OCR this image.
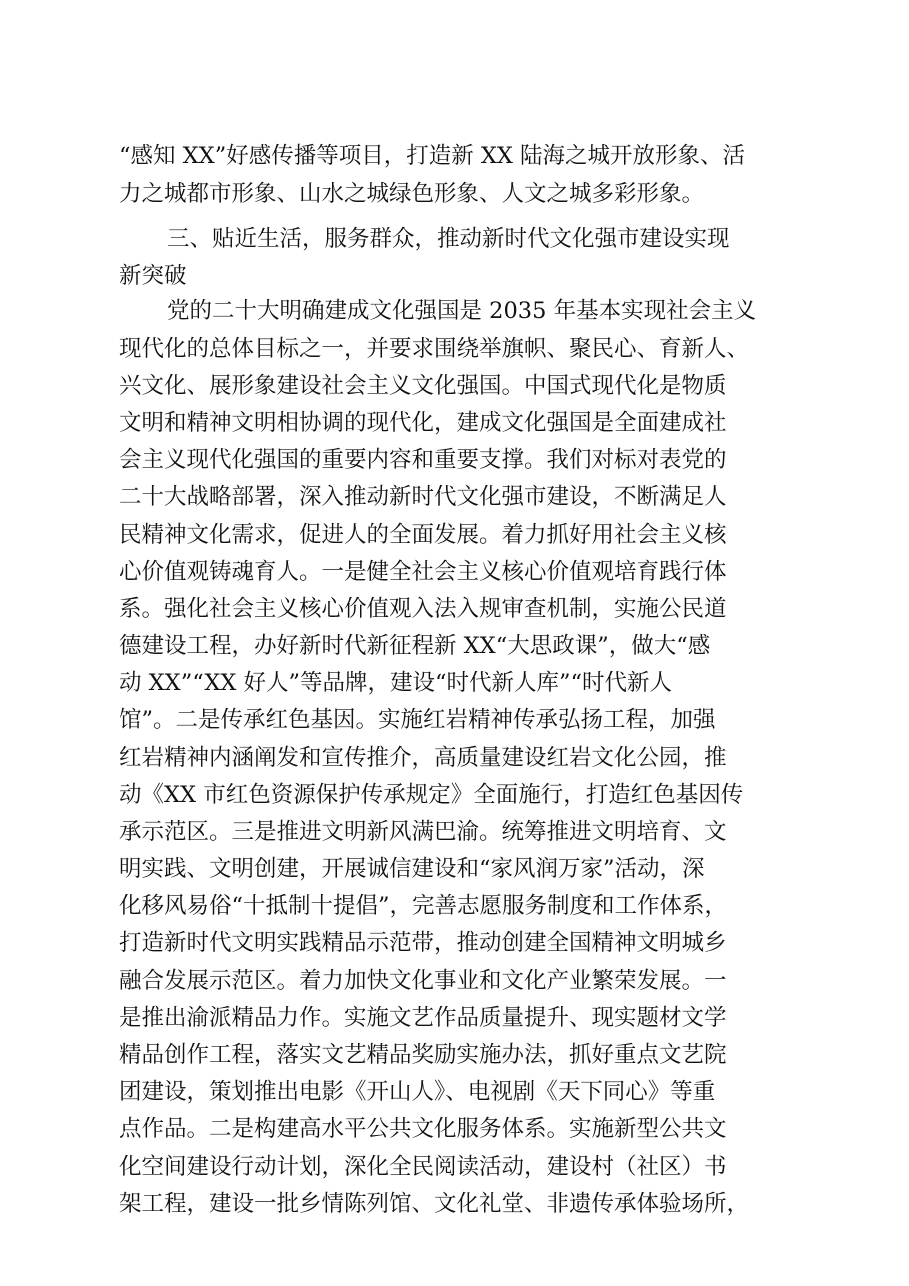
“感知 XX”好感传播等项目，打造新 XX 陆海之城开放形象、活
力之城都市形象、山水之城绿色形象、人文之城多彩形象。
三、贴近生活，服务群众，推动新时代文化强市建设实现
新突破
党的二十大明确建成文化强国是 2035 年基本实现社会主义
现代化的总体目标之一，并要求围绕举旗帜、聚民心、育新人、
兴文化、展形象建设社会主义文化强国。中国式现代化是物质
文明和精神文明相协调的现代化，建成文化强国是全面建成社
会主义现代化强国的重要内容和重要支撑。我们对标对表党的
二十大战略部署，深入推动新时代文化强市建设，不断满足人
民精神文化需求，促进人的全面发展。着力抓好用社会主义核
心价值观铸魂育人。一是健全社会主义核心价值观培育践行体
系。强化社会主义核心价值观入法入规审查机制，实施公民道
德建设工程，办好新时代新征程新 XX“大思政课”，做大“感
动 XX”“XX 好人”等品牌，建设“时代新人库”“时代新人
馆”。二是传承红色基因。实施红岩精神传承弘扬工程，加强
红岩精神内涵阐发和宣传推介，高质量建设红岩文化公园，推
动《XX 市红色资源保护传承规定》全面施行，打造红色基因传
承示范区。三是推进文明新风满巴渝。统筹推进文明培育、文
明实践、文明创建，开展诚信建设和“家风润万家”活动，深
化移风易俗“十抵制十提倡”，完善志愿服务制度和工作体系，
打造新时代文明实践精品示范带，推动创建全国精神文明城乡
融合发展示范区。着力加快文化事业和文化产业繁荣发展。一
是推出渝派精品力作。实施文艺作品质量提升、现实题材文学
精品创作工程，落实文艺精品奖励实施办法，抓好重点文艺院
团建设，策划推出电影《开山人》、电视剧《天下同心》等重
点作品。二是构建高水平公共文化服务体系。实施新型公共文
化空间建设行动计划，深化全民阅读活动，建设村（社区）书
架工程，建设一批乡情陈列馆、文化礼堂、非遗传承体验场所，
